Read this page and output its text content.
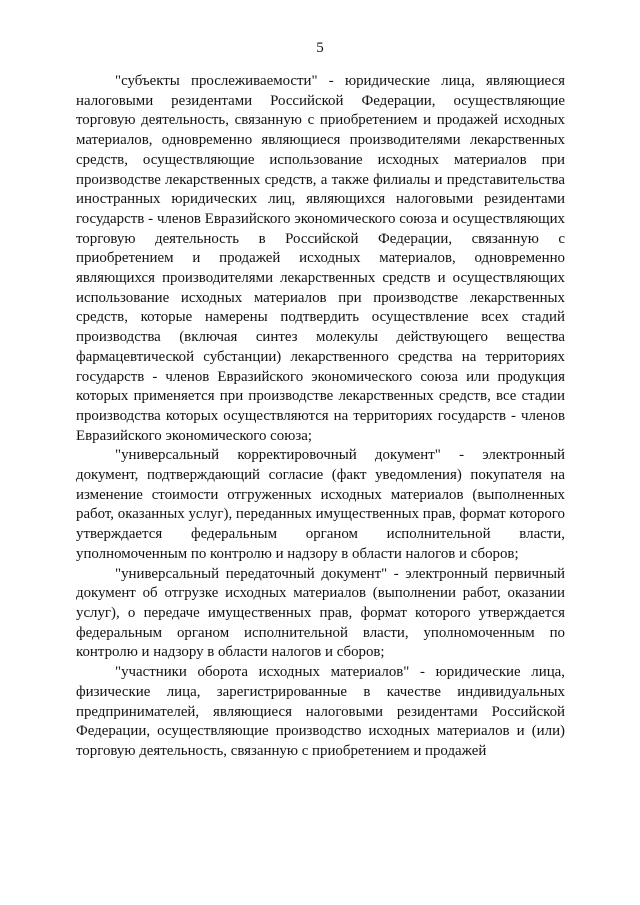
5

"субъекты прослеживаемости" - юридические лица, являющиеся налоговыми резидентами Российской Федерации, осуществляющие торговую деятельность, связанную с приобретением и продажей исходных материалов, одновременно являющиеся производителями лекарственных средств, осуществляющие использование исходных материалов при производстве лекарственных средств, а также филиалы и представительства иностранных юридических лиц, являющихся налоговыми резидентами государств - членов Евразийского экономического союза и осуществляющих торговую деятельность в Российской Федерации, связанную с приобретением и продажей исходных материалов, одновременно являющихся производителями лекарственных средств и осуществляющих использование исходных материалов при производстве лекарственных средств, которые намерены подтвердить осуществление всех стадий производства (включая синтез молекулы действующего вещества фармацевтической субстанции) лекарственного средства на территориях государств - членов Евразийского экономического союза или продукция которых применяется при производстве лекарственных средств, все стадии производства которых осуществляются на территориях государств - членов Евразийского экономического союза;

"универсальный корректировочный документ" - электронный документ, подтверждающий согласие (факт уведомления) покупателя на изменение стоимости отгруженных исходных материалов (выполненных работ, оказанных услуг), переданных имущественных прав, формат которого утверждается федеральным органом исполнительной власти, уполномоченным по контролю и надзору в области налогов и сборов;

"универсальный передаточный документ" - электронный первичный документ об отгрузке исходных материалов (выполнении работ, оказании услуг), о передаче имущественных прав, формат которого утверждается федеральным органом исполнительной власти, уполномоченным по контролю и надзору в области налогов и сборов;

"участники оборота исходных материалов" - юридические лица, физические лица, зарегистрированные в качестве индивидуальных предпринимателей, являющиеся налоговыми резидентами Российской Федерации, осуществляющие производство исходных материалов и (или) торговую деятельность, связанную с приобретением и продажей
